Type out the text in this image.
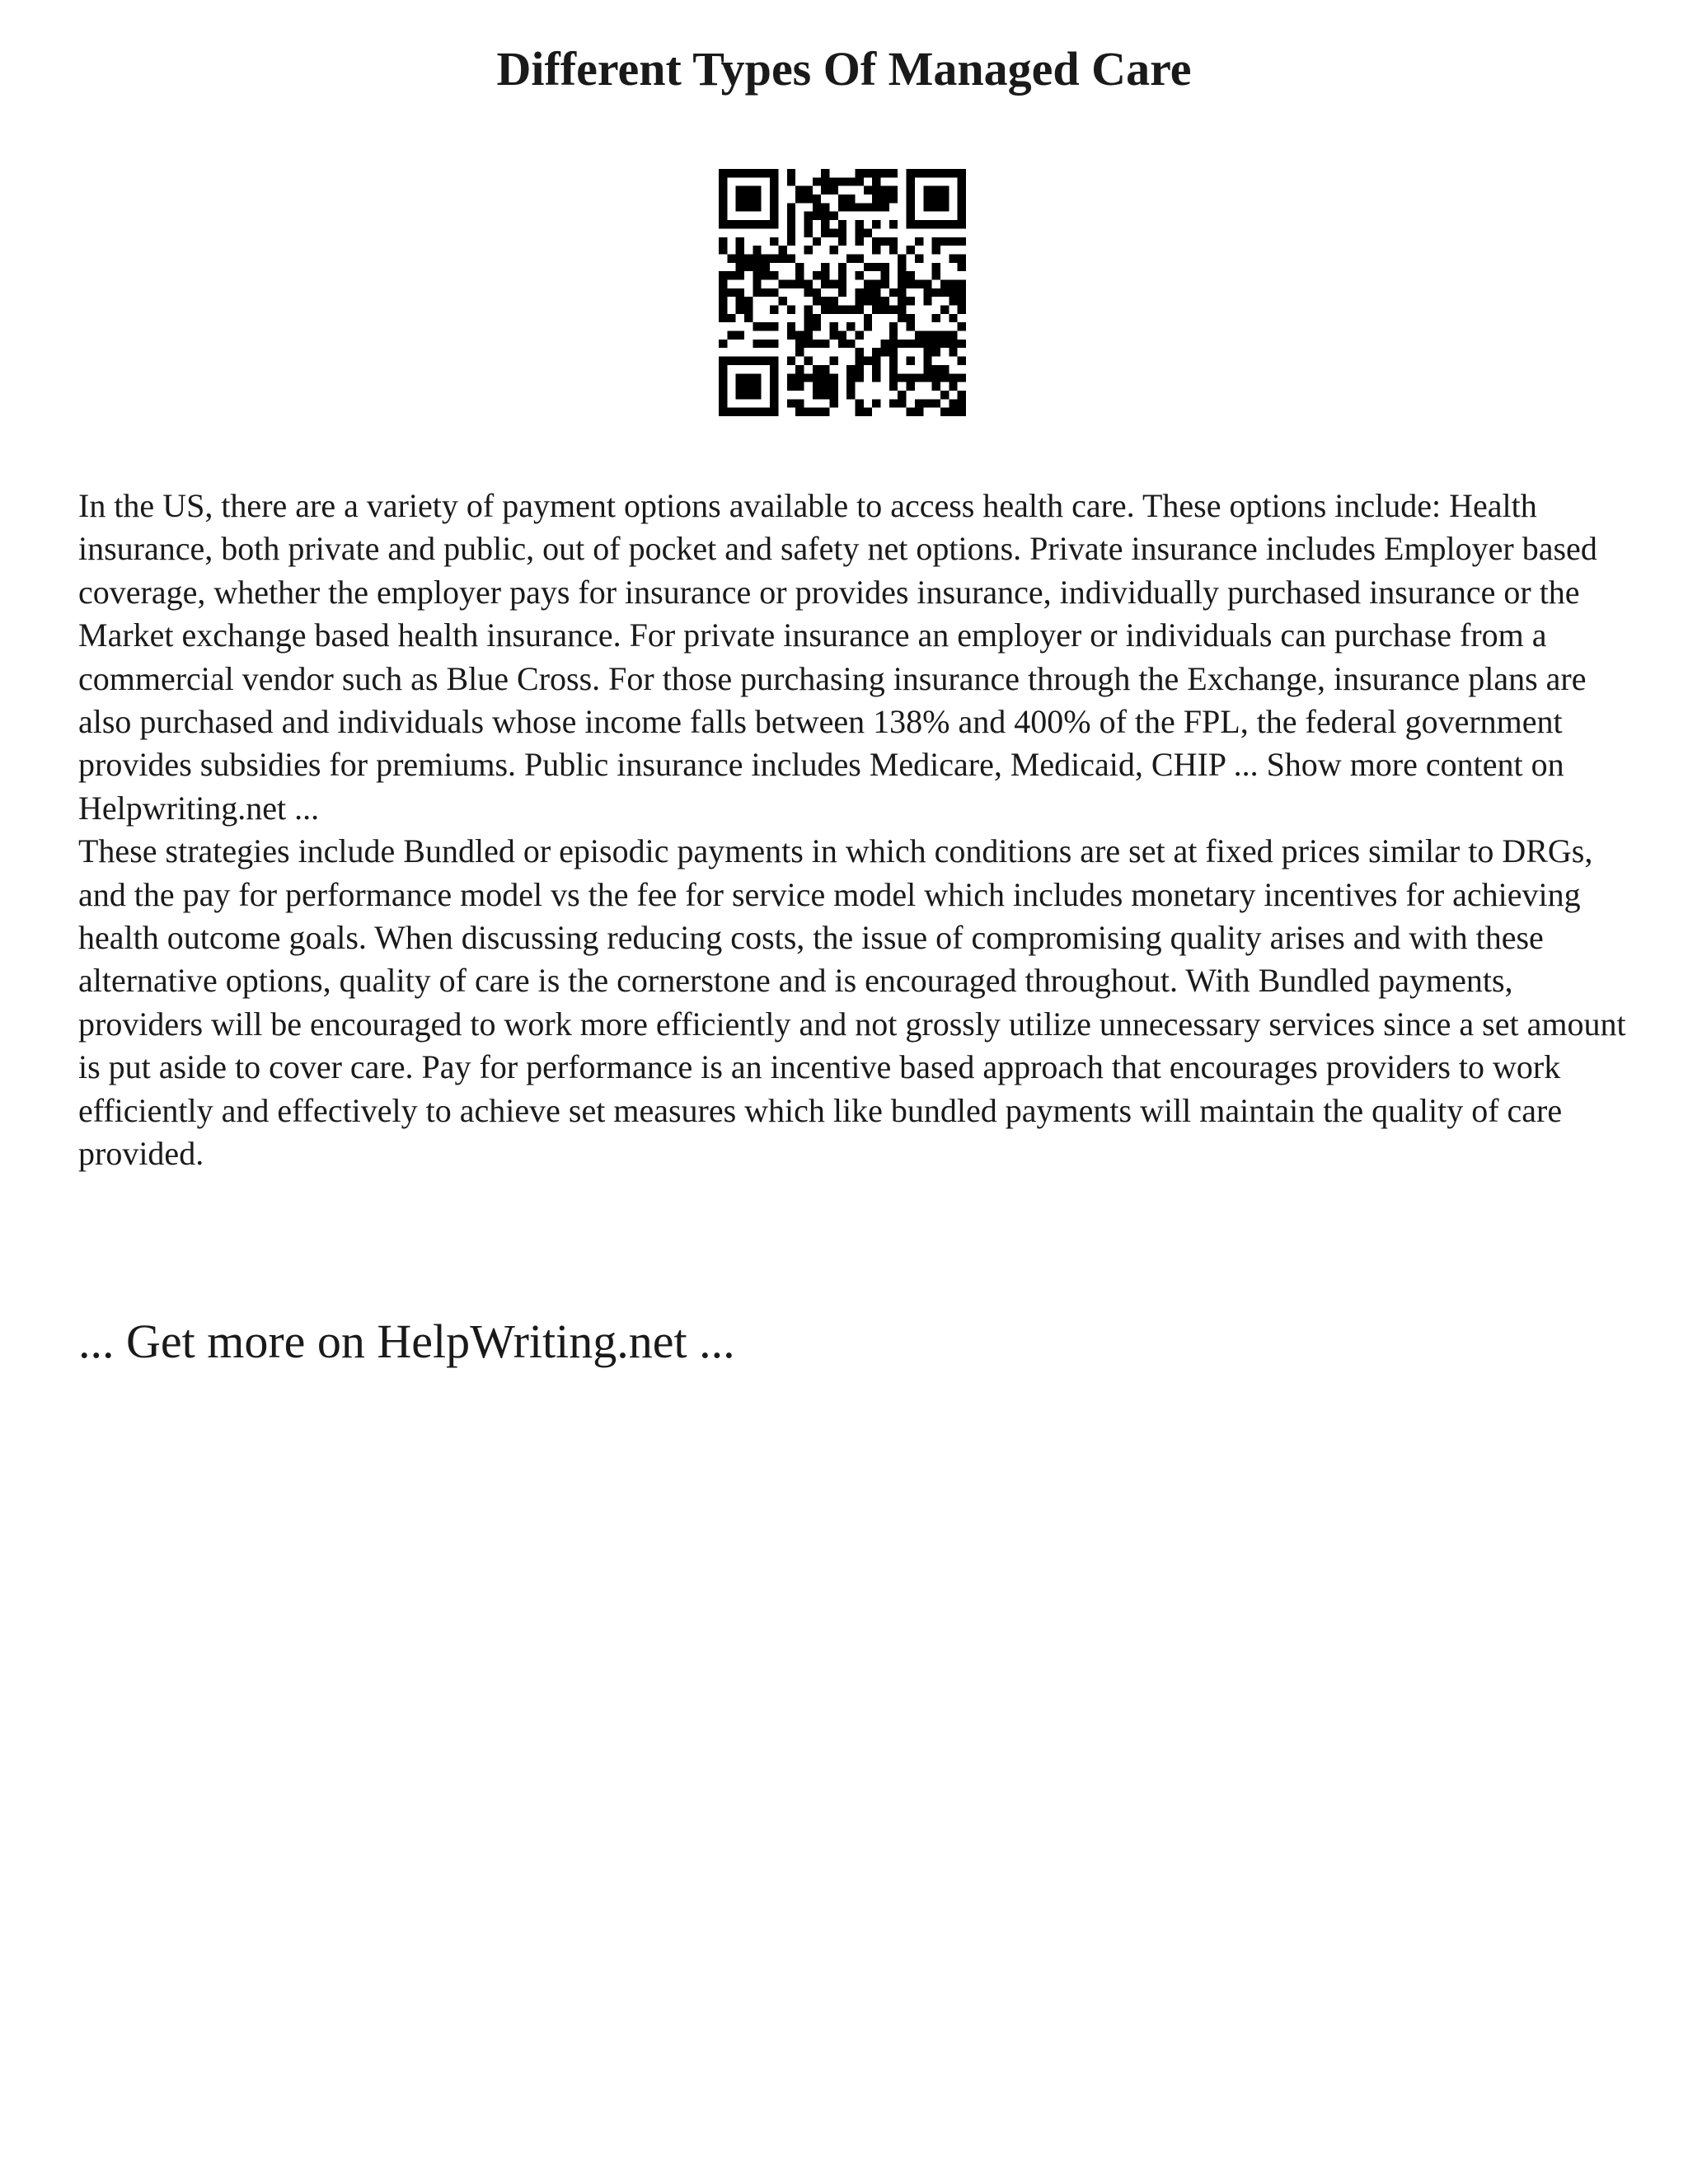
Different Types Of Managed Care

In the US, there are a variety of payment options available to access health care. These options include: Health insurance, both private and public, out of pocket and safety net options. Private insurance includes Employer based coverage, whether the employer pays for insurance or provides insurance, individually purchased insurance or the Market exchange based health insurance. For private insurance an employer or individuals can purchase from a commercial vendor such as Blue Cross. For those purchasing insurance through the Exchange, insurance plans are also purchased and individuals whose income falls between 138% and 400% of the FPL, the federal government provides subsidies for premiums. Public insurance includes Medicare, Medicaid, CHIP ... Show more content on Helpwriting.net ...

These strategies include Bundled or episodic payments in which conditions are set at fixed prices similar to DRGs, and the pay for performance model vs the fee for service model which includes monetary incentives for achieving health outcome goals. When discussing reducing costs, the issue of compromising quality arises and with these alternative options, quality of care is the cornerstone and is encouraged throughout. With Bundled payments, providers will be encouraged to work more efficiently and not grossly utilize unnecessary services since a set amount is put aside to cover care. Pay for performance is an incentive based approach that encourages providers to work efficiently and effectively to achieve set measures which like bundled payments will maintain the quality of care provided.

... Get more on HelpWriting.net ...
